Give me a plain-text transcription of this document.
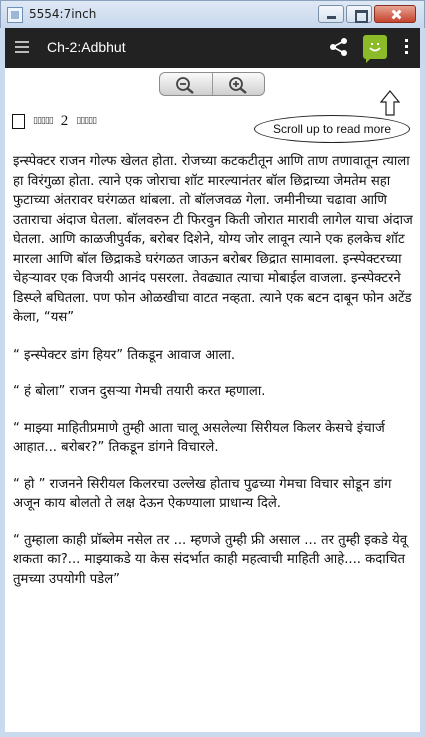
5554:7inch
Ch-2:Adbhut
Scroll up to read more
▯▯▯▯▯ 2 ▯▯▯▯▯

इन्स्पेक्टर राजन गोल्फ खेलत होता. रोजच्या कटकटीतून आणि ताण तणावातून त्याला हा विरंगुळा होता. त्याने एक जोराचा शॉट मारल्यानंतर बॉल छिद्राच्या जेमतेम सहा फुटाच्या अंतरावर घरंगळत थांबला. तो बॉलजवळ गेला. जमीनीच्या चढावा आणि उताराचा अंदाज घेतला. बॉलवरुन टी फिरवुन किती जोरात मारावी लागेल याचा अंदाज घेतला. आणि काळजीपुर्वक, बरोबर दिशेने, योग्य जोर लावून त्याने एक हलकेच शॉट मारला आणि बॉल छिद्राकडे घरंगळत जाऊन बरोबर छिद्रात सामावला. इन्स्पेक्टरच्या चेहऱ्यावर एक विजयी आनंद पसरला. तेवढ्यात त्याचा मोबाईल वाजला. इन्स्पेक्टरने डिस्प्ले बघितला. पण फोन ओळखीचा वाटत नव्हता. त्याने एक बटन दाबून फोन अटेंड केला, “यस”

“ इन्स्पेक्टर डांग हियर” तिकडून आवाज आला.

“ हं बोला” राजन दुसऱ्या गेमची तयारी करत म्हणाला.

“ माझ्या माहितीप्रमाणे तुम्ही आता चालू असलेल्या सिरीयल किलर केसचे इंचार्ज आहात... बरोबर?” तिकडून डांगने विचारले.

“ हो ” राजनने सिरीयल किलरचा उल्लेख होताच पुढच्या गेमचा विचार सोडून डांग अजून काय बोलतो ते लक्ष देऊन ऐकण्याला प्राधान्य दिले.

“ तुम्हाला काही प्रॉब्लेम नसेल तर ... म्हणजे तुम्ही फ्री असाल ... तर तुम्ही इकडे येवू शकता का?... माझ्याकडे या केस संदर्भात काही महत्वाची माहिती आहे.... कदाचित तुमच्या उपयोगी पडेल”
